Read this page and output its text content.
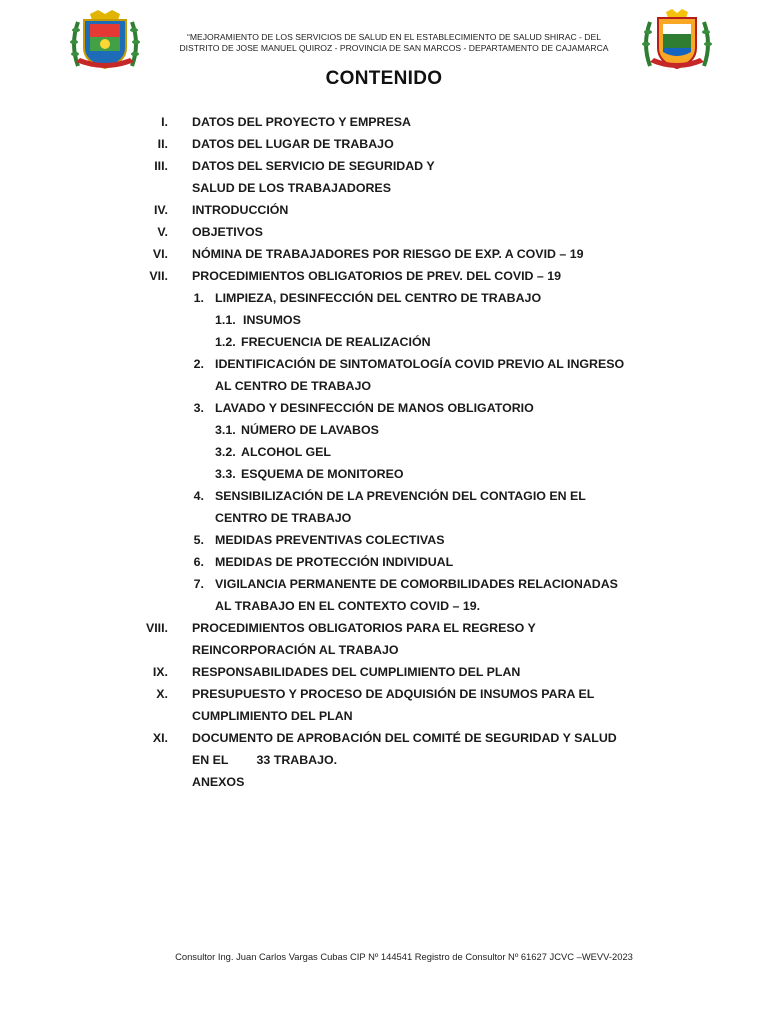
“MEJORAMIENTO DE LOS SERVICIOS DE SALUD EN EL ESTABLECIMIENTO DE SALUD SHIRAC - DEL
DISTRITO DE JOSE MANUEL QUIROZ - PROVINCIA DE SAN MARCOS - DEPARTAMENTO DE CAJAMARCA
CONTENIDO
I. DATOS DEL PROYECTO Y EMPRESA
II. DATOS DEL LUGAR DE TRABAJO
III. DATOS DEL SERVICIO DE SEGURIDAD Y
SALUD DE LOS TRABAJADORES
IV. INTRODUCCIÓN
V. OBJETIVOS
VI. NÓMINA DE TRABAJADORES POR RIESGO DE EXP. A COVID – 19
VII. PROCEDIMIENTOS OBLIGATORIOS DE PREV. DEL COVID – 19
1. LIMPIEZA, DESINFECCIÓN DEL CENTRO DE TRABAJO
1.1. INSUMOS
1.2. FRECUENCIA DE REALIZACIÓN
2. IDENTIFICACIÓN DE SINTOMATOLOGÍA COVID PREVIO AL INGRESO
AL CENTRO DE TRABAJO
3. LAVADO Y DESINFECCIÓN DE MANOS OBLIGATORIO
3.1. NÚMERO DE LAVABOS
3.2. ALCOHOL GEL
3.3. ESQUEMA DE MONITOREO
4. SENSIBILIZACIÓN DE LA PREVENCIÓN DEL CONTAGIO EN EL
CENTRO DE TRABAJO
5. MEDIDAS PREVENTIVAS COLECTIVAS
6. MEDIDAS DE PROTECCIÓN INDIVIDUAL
7. VIGILANCIA PERMANENTE DE COMORBILIDADES RELACIONADAS
AL TRABAJO EN EL CONTEXTO COVID – 19.
VIII. PROCEDIMIENTOS OBLIGATORIOS PARA EL REGRESO Y
REINCORPORACIÓN AL TRABAJO
IX. RESPONSABILIDADES DEL CUMPLIMIENTO DEL PLAN
X. PRESUPUESTO Y PROCESO DE ADQUISIÓN DE INSUMOS PARA EL
CUMPLIMIENTO DEL PLAN
XI. DOCUMENTO DE APROBACIÓN DEL COMITÉ DE SEGURIDAD Y SALUD
EN EL 33 TRABAJO.
ANEXOS
Consultor Ing. Juan Carlos Vargas Cubas CIP Nº 144541 Registro de Consultor Nº 61627 JCVC –WEVV-2023
